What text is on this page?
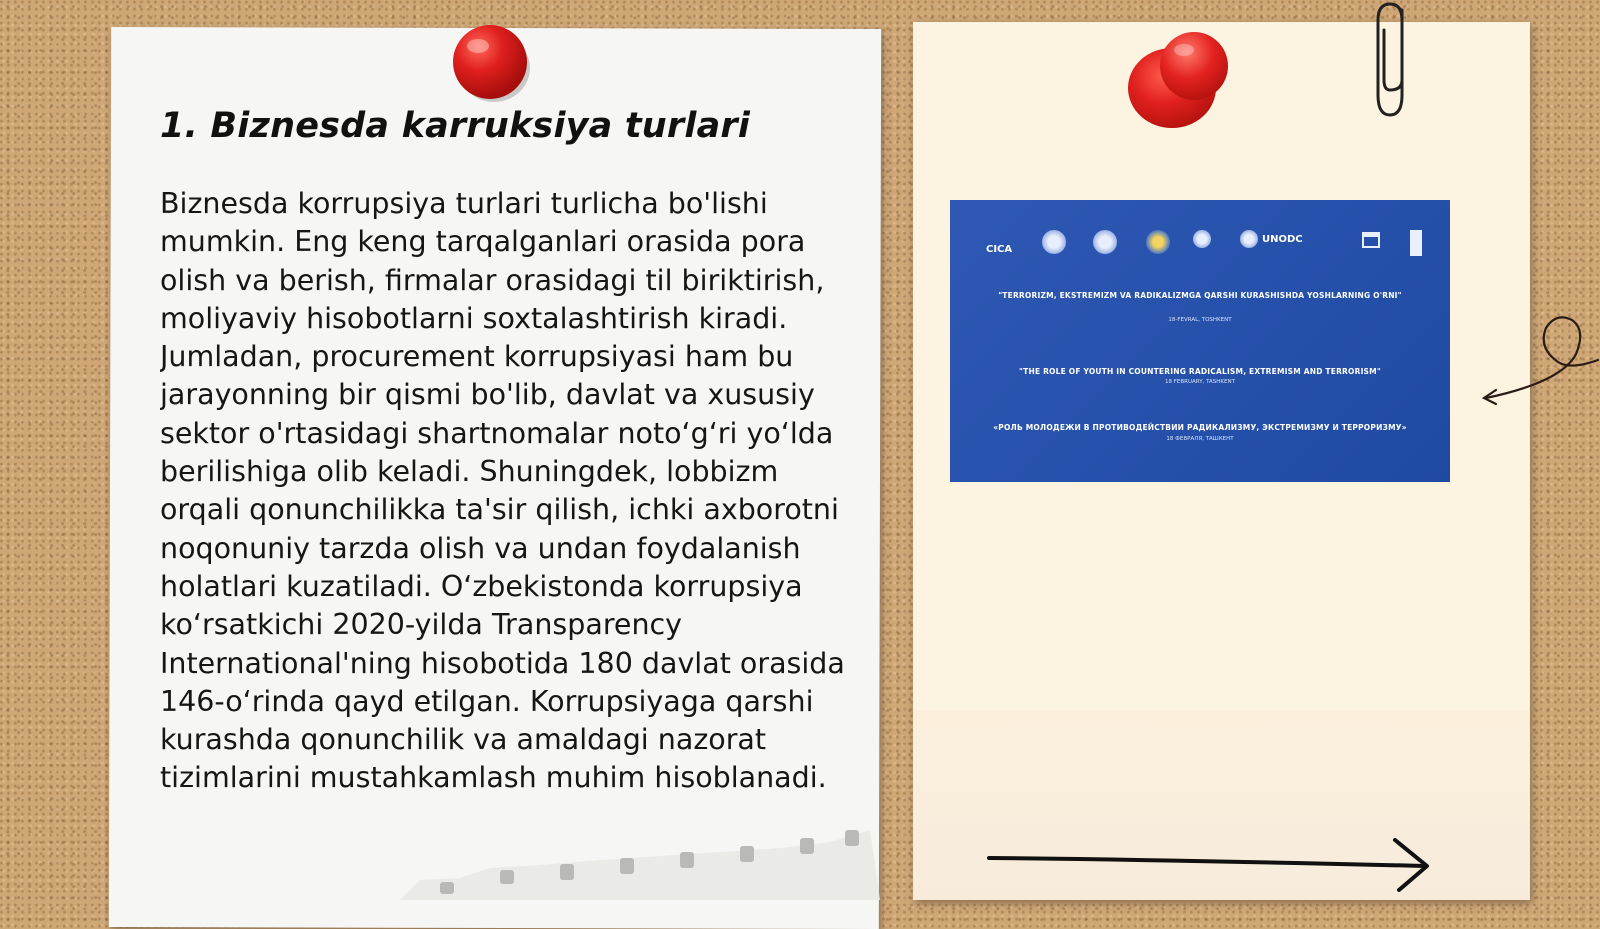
1. Biznesda karruksiya turlari

Biznesda korrupsiya turlari turlicha bo'lishi mumkin. Eng keng tarqalganlari orasida pora olish va berish, firmalar orasidagi til biriktirish, moliyaviy hisobotlarni soxtalashtirish kiradi. Jumladan, procurement korrupsiyasi ham bu jarayonning bir qismi bo'lib, davlat va xususiy sektor o'rtasidagi shartnomalar noto‘g‘ri yo‘lda berilishiga olib keladi. Shuningdek, lobbizm orqali qonunchilikka ta'sir qilish, ichki axborotni noqonuniy tarzda olish va undan foydalanish holatlari kuzatiladi. O‘zbekistonda korrupsiya ko‘rsatkichi 2020-yilda Transparency International'ning hisobotida 180 davlat orasida 146-o‘rinda qayd etilgan. Korrupsiyaga qarshi kurashda qonunchilik va amaldagi nazorat tizimlarini mustahkamlash muhim hisoblanadi.

CICA
UNODC
"TERRORIZM, EKSTREMIZM VA RADIKALIZMGA QARSHI KURASHISHDA YOSHLARNING O'RNI"
18-FEVRAL, TOSHKENT
"THE ROLE OF YOUTH IN COUNTERING RADICALISM, EXTREMISM AND TERRORISM"
18 FEBRUARY, TASHKENT
«РОЛЬ МОЛОДЕЖИ В ПРОТИВОДЕЙСТВИИ РАДИКАЛИЗМУ, ЭКСТРЕМИЗМУ И ТЕРРОРИЗМУ»
18 ФЕВРАЛЯ, ТАШКЕНТ
